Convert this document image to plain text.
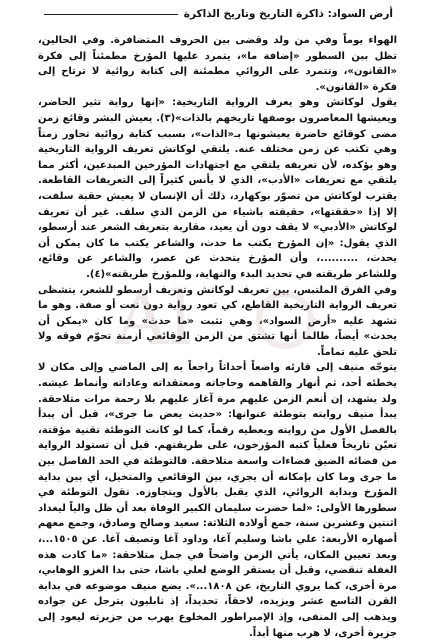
أرض السواد: ذاكرة التاريخ وتاريخ الذاكرة

الهواء يوماً وفي من ولد وقضى بين الحروف المتضافرة. وفي الحالين، تظل بين السطور «إضافة ما»، يتمرد عليها المؤرخ مطمئناً إلى فكرة «القانون»، وتتمرد على الروائي مطمئنة إلى كتابة روائية لا ترتاح إلى فكرة «القانون».

يقول لوكاتش وهو يعرف الرواية التاريخية: «إنها رواية تثير الحاضر، ويعيشها المعاصرون بوصفها تاريخهم بالذات»(٣). يعيش البشر وقائع زمن مضى كوقائع حاضرة يعيشونها بـ«الذات»، بسبب كتابة روائية تحاور زمناً وهي تكتب عن زمن مختلف عنه. يلتقي لوكاتش تعريف الرواية التاريخية وهو يؤكده، لأن تعريفه يلتقي مع اجتهادات المؤرخين المبدعين، أكثر مما يلتقي مع تعريفات «الأدب»، الذي لا يأنس كثيراً إلى التعريفات القاطعة. يقترب لوكاتش من تصوّر بوكهارد، ذلك أن الإنسان لا يعيش حقبة سلفت، إلا إذا «حققتها»، حقيقته باشياء من الزمن الذي سلف. غير أن تعريف لوكاتش «الأدبي» لا يقف دون أن يعيد، مقاربة بتعريف الشعر عند أرسطو، الذي يقول: «إن المؤرخ يكتب ما حدث، والشاعر يكتب ما كان يمكن أن يحدث، ..........، وأن المؤرخ يتحدث عن عصر، والشاعر عن وقائع، وللشاعر طريقته في تحديد البدء والنهاية، وللمؤرخ طريقته»(٤).

وفي الفرق الملتبس، بين تعريف لوكاتش وتعريف أرسطو للشعر، يتشظى تعريف الرواية التاريخية القاطع، كي تعود رواية دون نعت أو صفة. وهو ما تشهد عليه «أرض السواد»، وهي تثبت «ما حدث» وما كان «يمكن أن يحدث» أيضاً، طالما أنها تشتق من الزمن الوقائعي أزمنة تحوّم فوقه ولا تلحق عليه تماماً.

يتوجّه منيف إلى قارئه واضعاً أحداثاً راجعاً به إلى الماضي وإلى مكان لا يخطئه أحد، ثم أنهار والقاهمه وحاجاته ومعتقداته وعاداته وأنماط عيشه. ولد يشهد، إن أنعم الزمن عليهم مرة آغاز عليهم بلا رحمة مرات متلاحقة. يبدأ منيف روايته بتوطئة عنوانها: «حديث يعض ما جرى»، قبل أن يبدأ بالفصل الأول من روايته ويعطيه رقماً، كما لو كانت التوطئة تقنية مؤقتة، تعيّن تاريخاً فعلياً كتبه المؤرخون، على طريقتهم. قبل أن تستولد الرواية من فضائه الضيق فضاءات واسعة متلاحقة. فالتوطئة في الحد الفاصل بين ما جرى وما كان بإمكانه أن يجري، بين الوقائعي والمتخيل، أي بين بداية المؤرخ وبداية الروائي، الذي يقبل بالأول ويتجاوزه. تقول التوطئة في سطورها الأولى: «لما حضرت سليمان الكبير الوفاة بعد أن ظل والياً ليغداد اثنتين وعشرين سنة، جمع أولاده الثلاثة: سعيد وصالح وصادق، وجمع معهم أصهاره الأربعة: علي باشا وسليم آغا، وداود آغا وتصيف آغا. عن ١٥٠٥...، وبعد تعيين المكان، يأتي الزمن واضحاً في جمل متلاحقة: «ما كادت هذه الغفلة تنقضي، وقبل أن يستقر الوضع لعلي باشا، حتى بدا الغزو الوهابي، مرة أخرى، كما يروي التاريخ، عن ١٨٠٨...». يضع منيف موضوعه في بداية القرن التاسع عشر ويزيده، لاحقاً، تحديداً، إذ نابليون يترجل عن جواده ويذهب إلى المنفى، وإذ الإمبراطور المخلوع يهرب من جزيرته ليعود إلى جزيرة أخرى، لا هرب منها أبداً.

Al
